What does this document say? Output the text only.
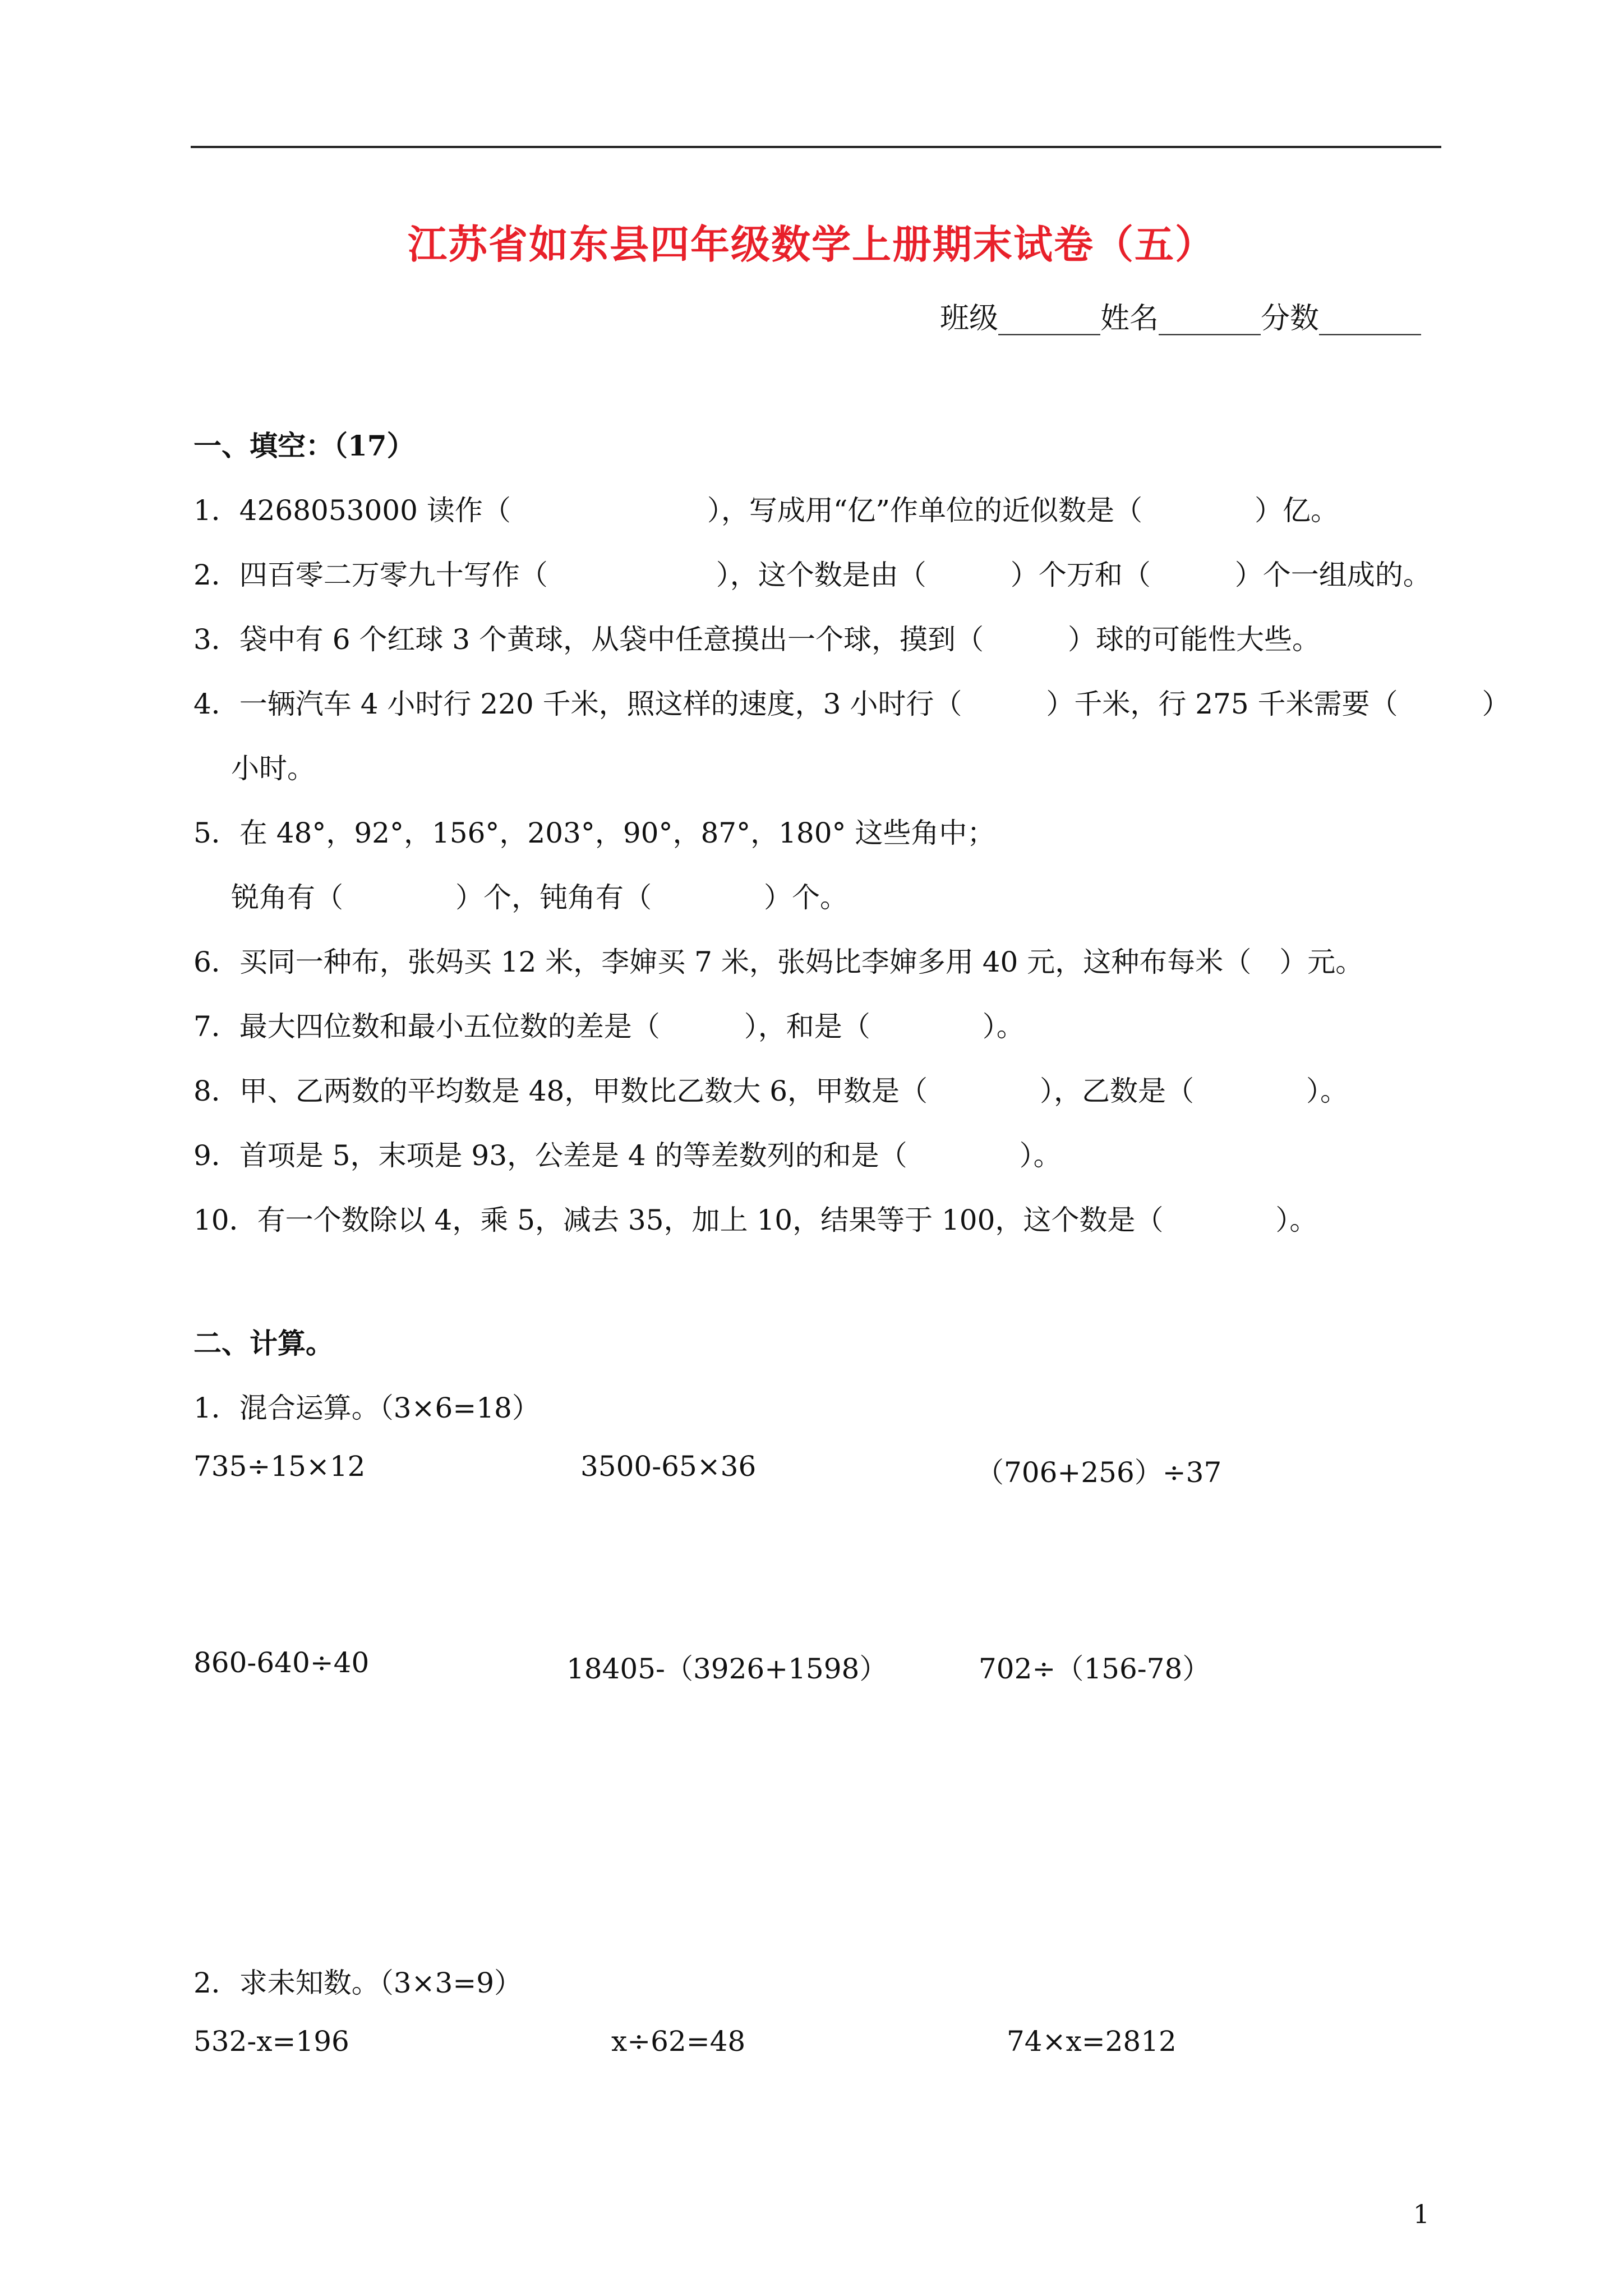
江苏省如东县四年级数学上册期末试卷（五）
班级_______姓名_______分数_______
一、填空：（17）
1．4268053000 读作（　　　　　　　），写成用“亿”作单位的近似数是（　　　　）亿。
2．四百零二万零九十写作（　　　　　　），这个数是由（　　　）个万和（　　　）个一组成的。
3．袋中有 6 个红球 3 个黄球，从袋中任意摸出一个球，摸到（　　　）球的可能性大些。
4．一辆汽车 4 小时行 220 千米，照这样的速度，3 小时行（　　　）千米，行 275 千米需要（　　　）
小时。
5．在 48°，92°，156°，203°，90°，87°，180° 这些角中；
锐角有（　　　　）个，钝角有（　　　　）个。
6．买同一种布，张妈买 12 米，李婶买 7 米，张妈比李婶多用 40 元，这种布每米（　）元。
7．最大四位数和最小五位数的差是（　　　），和是（　　　　）。
8．甲、乙两数的平均数是 48，甲数比乙数大 6，甲数是（　　　　），乙数是（　　　　）。
9．首项是 5，末项是 93，公差是 4 的等差数列的和是（　　　　）。
10．有一个数除以 4，乘 5，减去 35，加上 10，结果等于 100，这个数是（　　　　）。
二、计算。
1．混合运算。（3×6=18）
735÷15×12	3500-65×36	（706+256）÷37
860-640÷40	18405-（3926+1598）	702÷（156-78）
2．求未知数。（3×3=9）
532-x=196	x÷62=48	74×x=2812
1
